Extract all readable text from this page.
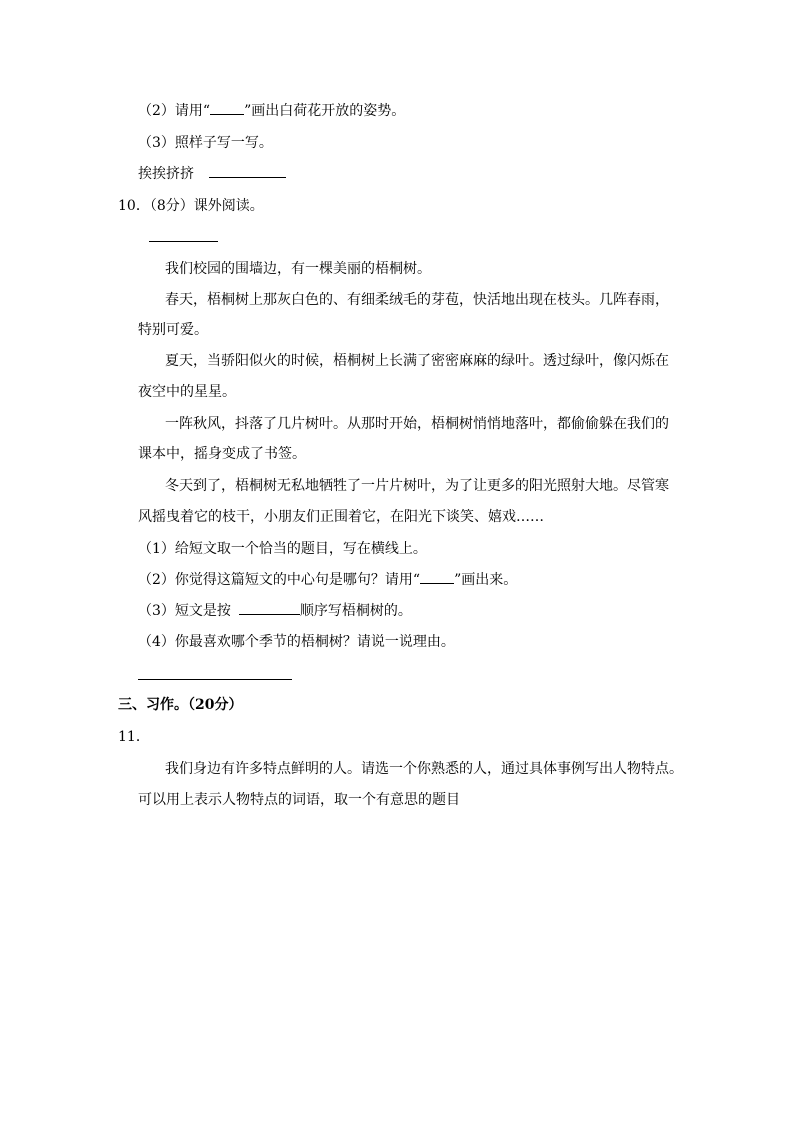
（2）请用“ ”画出白荷花开放的姿势。
（3）照样子写一写。
挨挨挤挤
10．（8分）课外阅读。
我们校园的围墙边，有一棵美丽的梧桐树。
春天，梧桐树上那灰白色的、有细柔绒毛的芽苞，快活地出现在枝头。几阵春雨，
特别可爱。
夏天，当骄阳似火的时候，梧桐树上长满了密密麻麻的绿叶。透过绿叶，像闪烁在
夜空中的星星。
一阵秋风，抖落了几片树叶。从那时开始，梧桐树悄悄地落叶，都偷偷躲在我们的
课本中，摇身变成了书签。
冬天到了，梧桐树无私地牺牲了一片片树叶，为了让更多的阳光照射大地。尽管寒
风摇曳着它的枝干，小朋友们正围着它，在阳光下谈笑、嬉戏……
（1）给短文取一个恰当的题目，写在横线上。
（2）你觉得这篇短文的中心句是哪句？请用“ ”画出来。
（3）短文是按	顺序写梧桐树的。
（4）你最喜欢哪个季节的梧桐树？请说一说理由。
三、习作。（20分）
11．
我们身边有许多特点鲜明的人。请选一个你熟悉的人，通过具体事例写出人物特点。
可以用上表示人物特点的词语，取一个有意思的题目
